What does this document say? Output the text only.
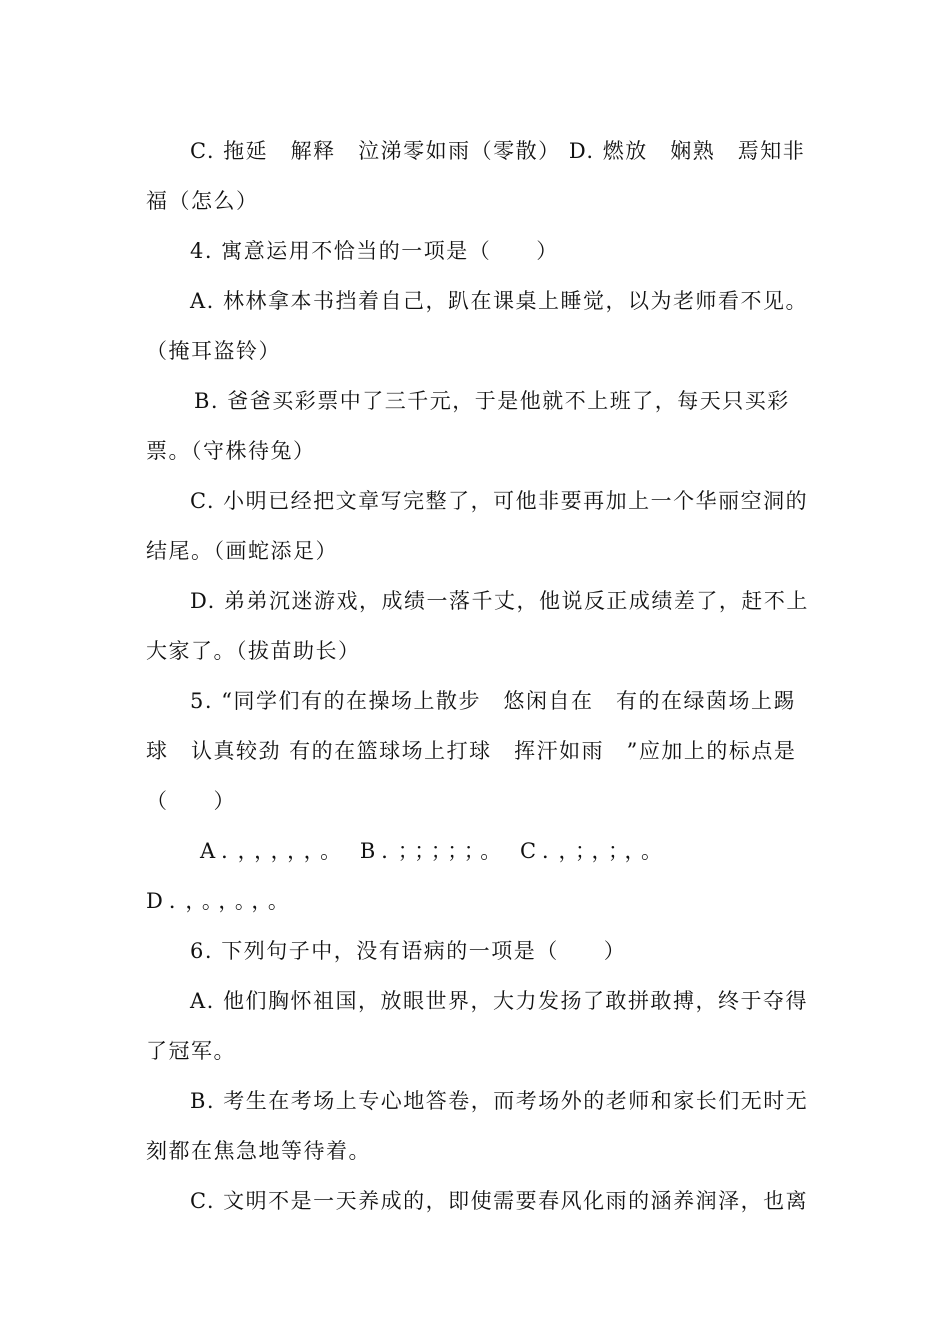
C. 拖延　解释　泣涕零如雨（零散） D. 燃放　娴熟　焉知非
福（怎么）
4. 寓意运用不恰当的一项是（　　）
A. 林林拿本书挡着自己，趴在课桌上睡觉，以为老师看不见。
（掩耳盗铃）
B. 爸爸买彩票中了三千元，于是他就不上班了，每天只买彩
票。（守株待兔）
C. 小明已经把文章写完整了，可他非要再加上一个华丽空洞的
结尾。（画蛇添足）
D. 弟弟沉迷游戏，成绩一落千丈，他说反正成绩差了，赶不上
大家了。（拔苗助长）
5. “同学们有的在操场上散步　悠闲自在　有的在绿茵场上踢
球　认真较劲 有的在篮球场上打球　挥汗如雨　”应加上的标点是
（　　）
A．，，，，，。 B．；；；；；。 C．，；，；，。
D．，。，。，。
6. 下列句子中，没有语病的一项是（　　）
A. 他们胸怀祖国，放眼世界，大力发扬了敢拼敢搏，终于夺得
了冠军。
B. 考生在考场上专心地答卷，而考场外的老师和家长们无时无
刻都在焦急地等待着。
C. 文明不是一天养成的，即使需要春风化雨的涵养润泽，也离
